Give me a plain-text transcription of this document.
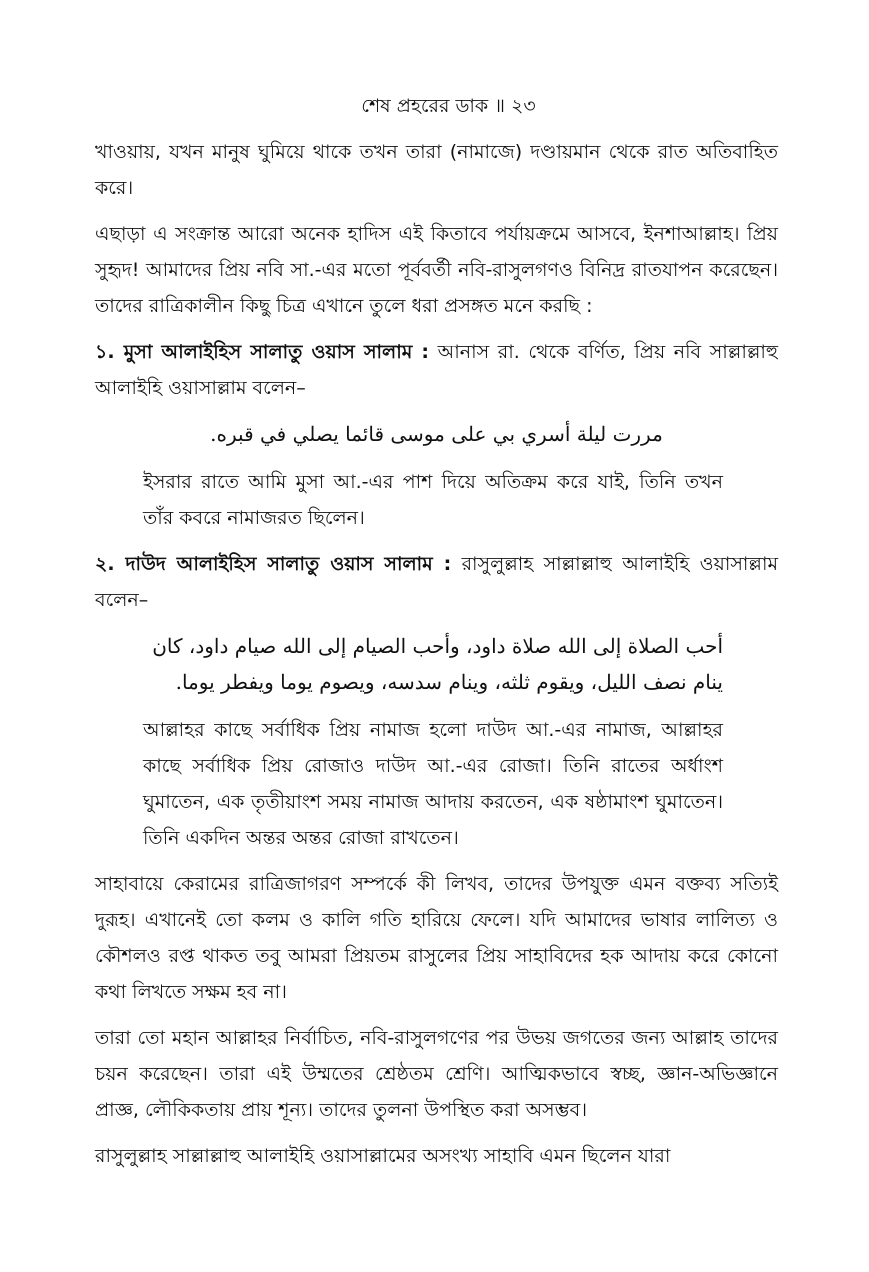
শেষ প্রহরের ডাক ॥ ২৩

খাওয়ায়, যখন মানুষ ঘুমিয়ে থাকে তখন তারা (নামাজে) দণ্ডায়মান থেকে রাত অতিবাহিত করে।

এছাড়া এ সংক্রান্ত আরো অনেক হাদিস এই কিতাবে পর্যায়ক্রমে আসবে, ইনশাআল্লাহ। প্রিয় সুহৃদ! আমাদের প্রিয় নবি সা.-এর মতো পূর্ববর্তী নবি-রাসুলগণও বিনিদ্র রাতযাপন করেছেন। তাদের রাত্রিকালীন কিছু চিত্র এখানে তুলে ধরা প্রসঙ্গত মনে করছি :

১. মুসা আলাইহিস সালাতু ওয়াস সালাম : আনাস রা. থেকে বর্ণিত, প্রিয় নবি সাল্লাল্লাহু আলাইহি ওয়াসাল্লাম বলেন–

مررت ليلة أسري بي على موسى قائما يصلي في قبره.

ইসরার রাতে আমি মুসা আ.-এর পাশ দিয়ে অতিক্রম করে যাই, তিনি তখন তাঁর কবরে নামাজরত ছিলেন।

২. দাউদ আলাইহিস সালাতু ওয়াস সালাম : রাসুলুল্লাহ সাল্লাল্লাহু আলাইহি ওয়াসাল্লাম বলেন–

أحب الصلاة إلى الله صلاة داود، وأحب الصيام إلى الله صيام داود، كان ينام نصف الليل، ويقوم ثلثه، وينام سدسه، ويصوم يوما ويفطر يوما.

আল্লাহর কাছে সর্বাধিক প্রিয় নামাজ হলো দাউদ আ.-এর নামাজ, আল্লাহর কাছে সর্বাধিক প্রিয় রোজাও দাউদ আ.-এর রোজা। তিনি রাতের অর্ধাংশ ঘুমাতেন, এক তৃতীয়াংশ সময় নামাজ আদায় করতেন, এক ষষ্ঠামাংশ ঘুমাতেন। তিনি একদিন অন্তর অন্তর রোজা রাখতেন।

সাহাবায়ে কেরামের রাত্রিজাগরণ সম্পর্কে কী লিখব, তাদের উপযুক্ত এমন বক্তব্য সত্যিই দুরূহ। এখানেই তো কলম ও কালি গতি হারিয়ে ফেলে। যদি আমাদের ভাষার লালিত্য ও কৌশলও রপ্ত থাকত তবু আমরা প্রিয়তম রাসুলের প্রিয় সাহাবিদের হক আদায় করে কোনো কথা লিখতে সক্ষম হব না।

তারা তো মহান আল্লাহর নির্বাচিত, নবি-রাসুলগণের পর উভয় জগতের জন্য আল্লাহ তাদের চয়ন করেছেন। তারা এই উম্মতের শ্রেষ্ঠতম শ্রেণি। আত্মিকভাবে স্বচ্ছ, জ্ঞান-অভিজ্ঞানে প্রাজ্ঞ, লৌকিকতায় প্রায় শূন্য। তাদের তুলনা উপস্থিত করা অসম্ভব।

রাসুলুল্লাহ সাল্লাল্লাহু আলাইহি ওয়াসাল্লামের অসংখ্য সাহাবি এমন ছিলেন যারা
